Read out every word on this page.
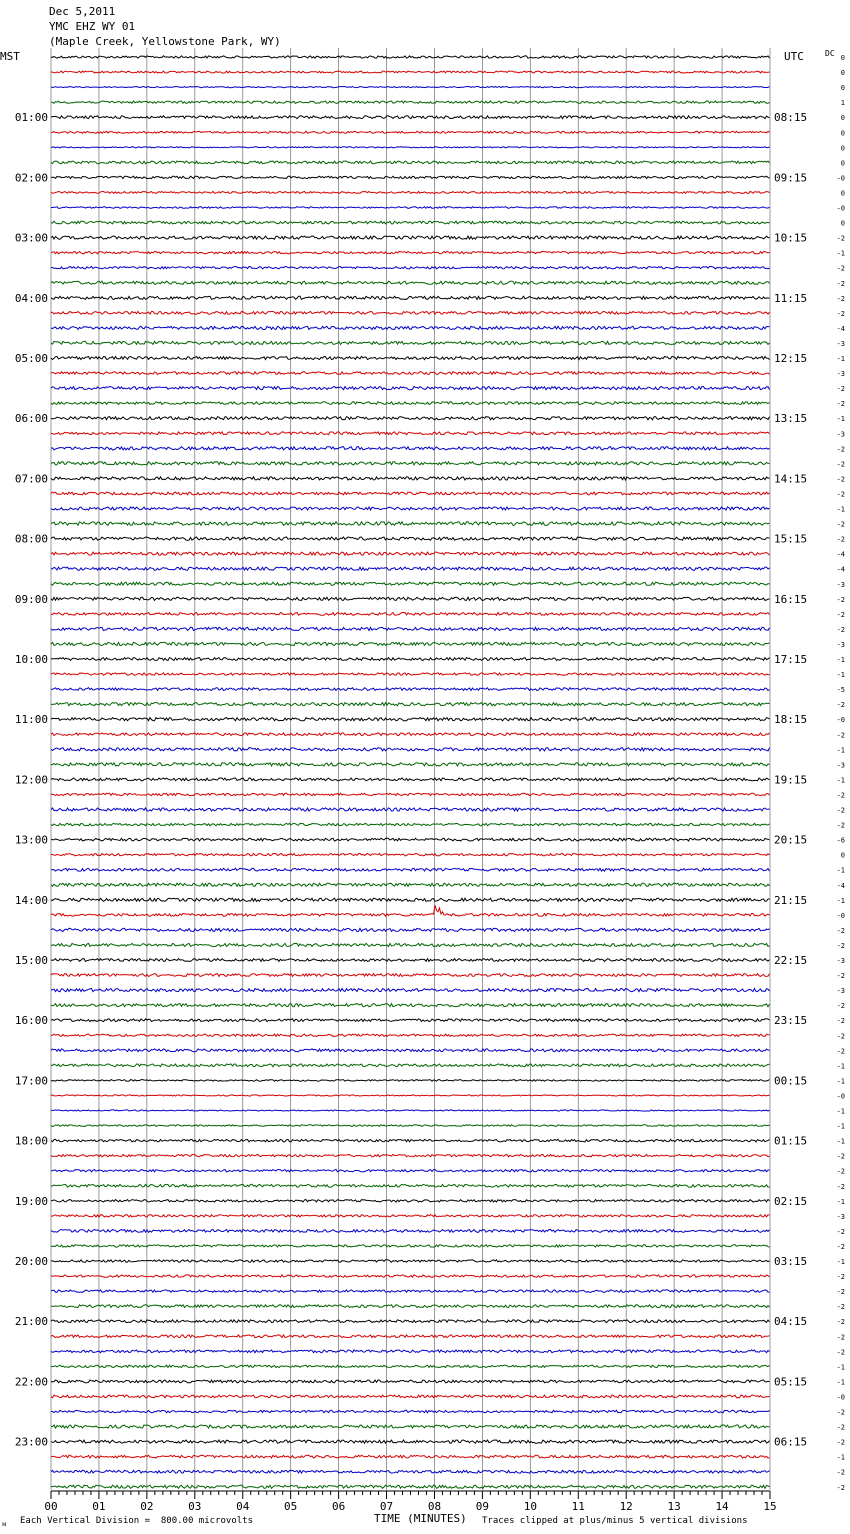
Dec 5,2011
YMC EHZ WY 01
(Maple Creek, Yellowstone Park, WY)
MST	UTC	DC 0
0
0
1
0
0
0
0
-0
0
-0
0
-2
-1
-2
-2
-2
-2
-4
-3
-1
-3
-2
-2
-1
-3
-2
-2
-2
-2
-1
-2
-2
-4
-4
-3
-2
-2
-2
-3
-1
-1
-5
-2
-0
-2
-1
-3
-1
-2
-2
-2
-6
0
-1
-4
-1
-0
-2
-2
-3
-2
-3
-2
-2
-2
-2
-1
-1
-0
-1
-1
-1
-2
-2
-2
-1
-3
-2
-2
-1
-2
-2
-2
-2
-2
-2
-1
-1
-0
-2
-2
-2
-1
-2
-2
01:00
02:00
03:00
04:00
05:00
06:00
07:00
08:00
09:00
10:00
11:00
12:00
13:00
14:00
15:00
16:00
17:00
18:00
19:00
20:00
21:00
22:00
23:00
08:15
09:15
10:15
11:15
12:15
13:15
14:15
15:15
16:15
17:15
18:15
19:15
20:15
21:15
22:15
23:15
00:15
01:15
02:15
03:15
04:15
05:15
06:15
00	01	02	03	04	05	06	07	08	09	10	11	12	13	14	15
ᴍ Each Vertical Division =  800.00 microvolts	TIME (MINUTES) Traces clipped at plus/minus 5 vertical divisions
